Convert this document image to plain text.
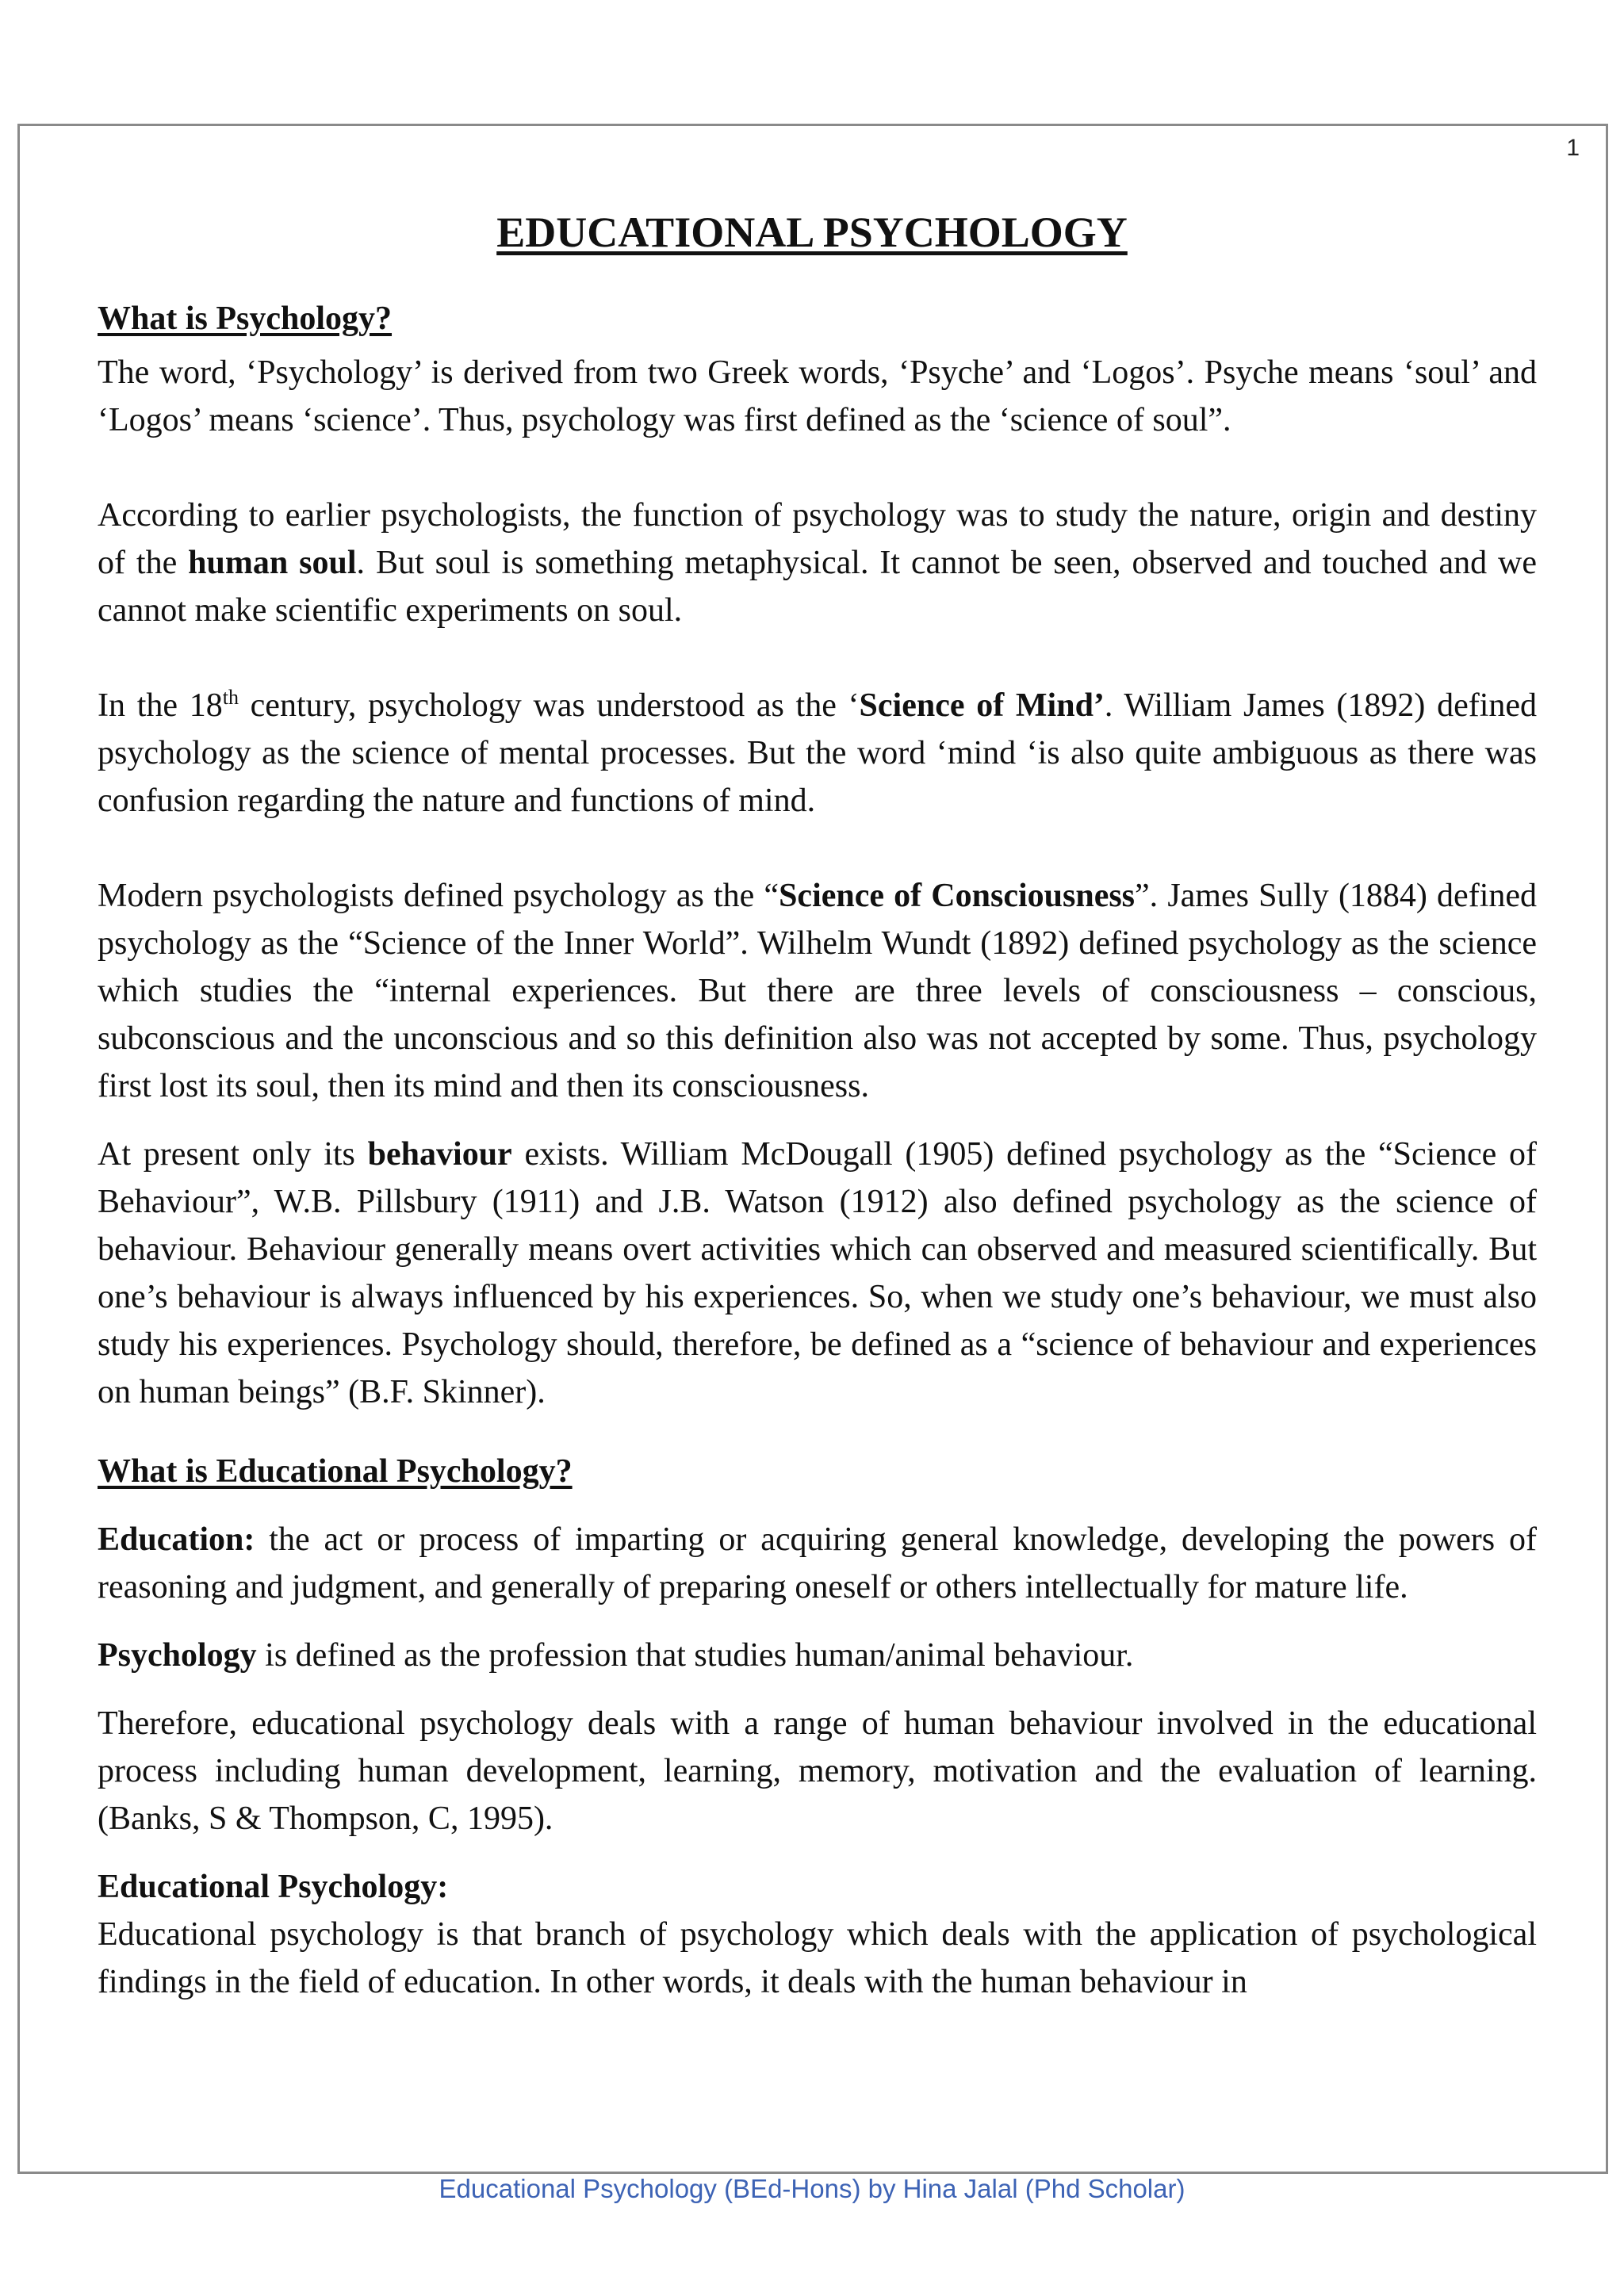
1
EDUCATIONAL PSYCHOLOGY

What is Psychology?

The word, ‘Psychology’ is derived from two Greek words, ‘Psyche’ and ‘Logos’. Psyche means ‘soul’ and ‘Logos’ means ‘science’. Thus, psychology was first defined as the ‘science of soul”.

According to earlier psychologists, the function of psychology was to study the nature, origin and destiny of the human soul. But soul is something metaphysical. It cannot be seen, observed and touched and we cannot make scientific experiments on soul.

In the 18th century, psychology was understood as the ‘Science of Mind’. William James (1892) defined psychology as the science of mental processes. But the word ‘mind ‘is also quite ambiguous as there was confusion regarding the nature and functions of mind.

Modern psychologists defined psychology as the “Science of Consciousness”. James Sully (1884) defined psychology as the “Science of the Inner World”. Wilhelm Wundt (1892) defined psychology as the science which studies the “internal experiences. But there are three levels of consciousness – conscious, subconscious and the unconscious and so this definition also was not accepted by some. Thus, psychology first lost its soul, then its mind and then its consciousness.

At present only its behaviour exists. William McDougall (1905) defined psychology as the “Science of Behaviour”, W.B. Pillsbury (1911) and J.B. Watson (1912) also defined psychology as the science of behaviour. Behaviour generally means overt activities which can observed and measured scientifically. But one’s behaviour is always influenced by his experiences. So, when we study one’s behaviour, we must also study his experiences. Psychology should, therefore, be defined as a “science of behaviour and experiences on human beings” (B.F. Skinner).

What is Educational Psychology?

Education: the act or process of imparting or acquiring general knowledge, developing the powers of reasoning and judgment, and generally of preparing oneself or others intellectually for mature life.

Psychology is defined as the profession that studies human/animal behaviour.

Therefore, educational psychology deals with a range of human behaviour involved in the educational process including human development, learning, memory, motivation and the evaluation of learning. (Banks, S & Thompson, C, 1995).

Educational Psychology:

Educational psychology is that branch of psychology which deals with the application of psychological findings in the field of education. In other words, it deals with the human behaviour in

Educational Psychology (BEd-Hons) by Hina Jalal (Phd Scholar)
